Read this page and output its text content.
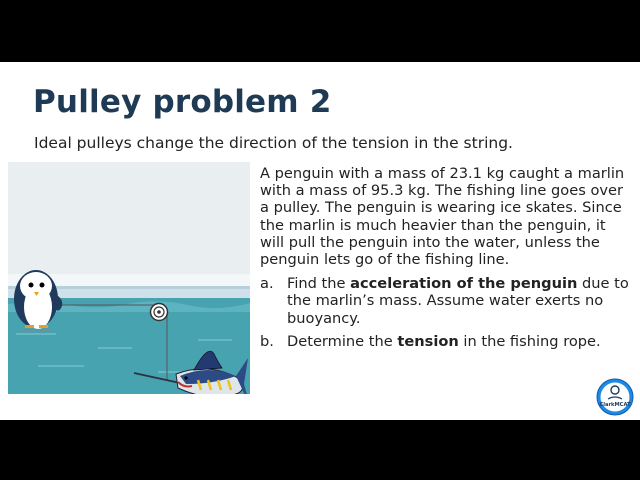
Pulley problem 2
Ideal pulleys change the direction of the tension in the string.

A penguin with a mass of 23.1 kg caught a marlin with a mass of 95.3 kg. The fishing line goes over a pulley. The penguin is wearing ice skates. Since the marlin is much heavier than the penguin, it will pull the penguin into the water, unless the penguin lets go of the fishing line.

a. Find the acceleration of the penguin due to the marlin’s mass. Assume water exerts no buoyancy.
b. Determine the tension in the fishing rope.
ClarkMCAT
